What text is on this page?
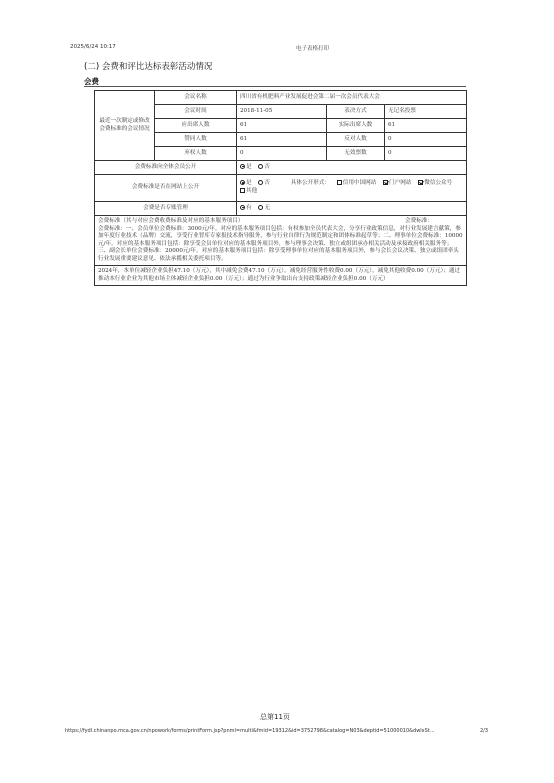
2025/6/24 10:17	电子表格打印
(二) 会费和评比达标表彰活动情况
会费
最近一次制定或修改会费标准的会议情况	会议名称	四川省有机肥料产业发展促进会第二届一次会员代表大会		
	会议时间	2018-11-05	表决方式	无记名投票
	应出席人数	61	实际出席人数	61
	赞同人数	61	反对人数	0
	弃权人数	0	无效票数	0
会费标准向全体会员公开		是 否		
会费标准是否在网站上公开		是 否 具体公开形式： 信用中国网站 门户网站 微信公众号 其他		
会费是否专账管理		有 无		

会费标准（其与对应会费收费标准及对应的基本服务项目） 会费标准：
会费标准：一、会员单位会费标准：3000元/年。对应的基本服务项目包括：有权参加全员代表大会，分享行业政策信息，对行业发展建言献策，参加年度行业技术（品牌）交流，享受行业智库专家报技术指导服务，参与行业自律行为规范制定和团体标准起草等；二、理事单位会费标准：10000元/年。对应的基本服务项目包括：除享受会员单位对应的基本服务项目外，参与理事会决策、独立或组团承办相关活动及承接政府相关服务等；三、副会长单位会费标准：20000元/年。对应的基本服务项目包括：除享受理事单位对应的基本服务项目外，参与会长会议决策、独立或组团牵头行业发展重要建议意见、依法承揽相关委托项目等。				

2024年，本单位减轻企业负担47.10（万元），其中减免会费47.10（万元），减免经营服务性收费0.00（万元），减免其他收费0.00（万元）；通过推动本行业企业为其他市场主体减轻企业负担0.00（万元）；通过为行业争取出台支持政策减轻企业负担0.00（万元）				
总第11页
https://fydl.chinanpo.mca.gov.cn/npowork/forms/printForm.jsp?pnml=multi&fmid=19312&id=3752798&catalog=N03&deptid=51000010&dwlxSt...	2/3
